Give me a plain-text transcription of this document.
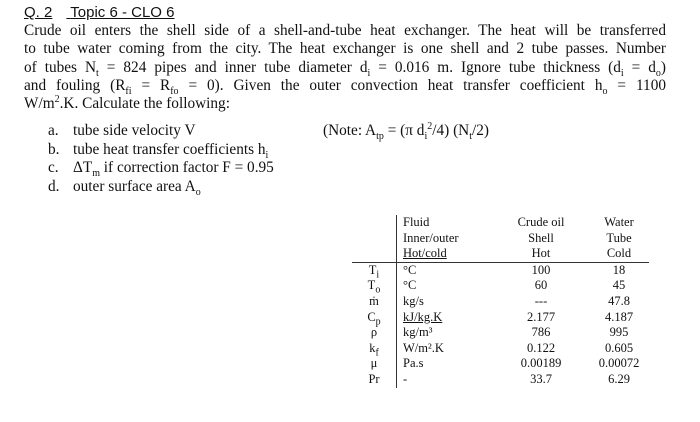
Q. 2 Topic 6 - CLO 6
Crude oil enters the shell side of a shell-and-tube heat exchanger. The heat will be transferred
to tube water coming from the city. The heat exchanger is one shell and 2 tube passes. Number
of tubes $N_t = 824$ pipes and inner tube diameter $d_i = 0.016$ m. Ignore tube thickness $(d_i = d_o)$
and fouling $(R_{fi} = R_{fo} = 0)$. Given the outer convection heat transfer coefficient $h_o = 1100$
$W/m^2.K$. Calculate the following:
a. tube side velocity V
b. tube heat transfer coefficients $h_i$
c. $\Delta T_m$ if correction factor F = 0.95
d. outer surface area $A_o$
(Note: $A_{tp} = (\pi$ $d_i^2/4$) $(N_t/2)$
	Fluid	Crude oil	Water
	Inner/outer	Shell	Tube
	Hot/cold	Hot	Cold
$T_i$	°C	100	18
$T_o$	°C	60	45
ṁ	kg/s	---	47.8
$C_p$	kJ/kg.K	2.177	4.187
ρ	kg/m³	786	995
$k_f$	W/m².K	0.122	0.605
μ	Pa.s	0.00189	0.00072
Pr	-	33.7	6.29
